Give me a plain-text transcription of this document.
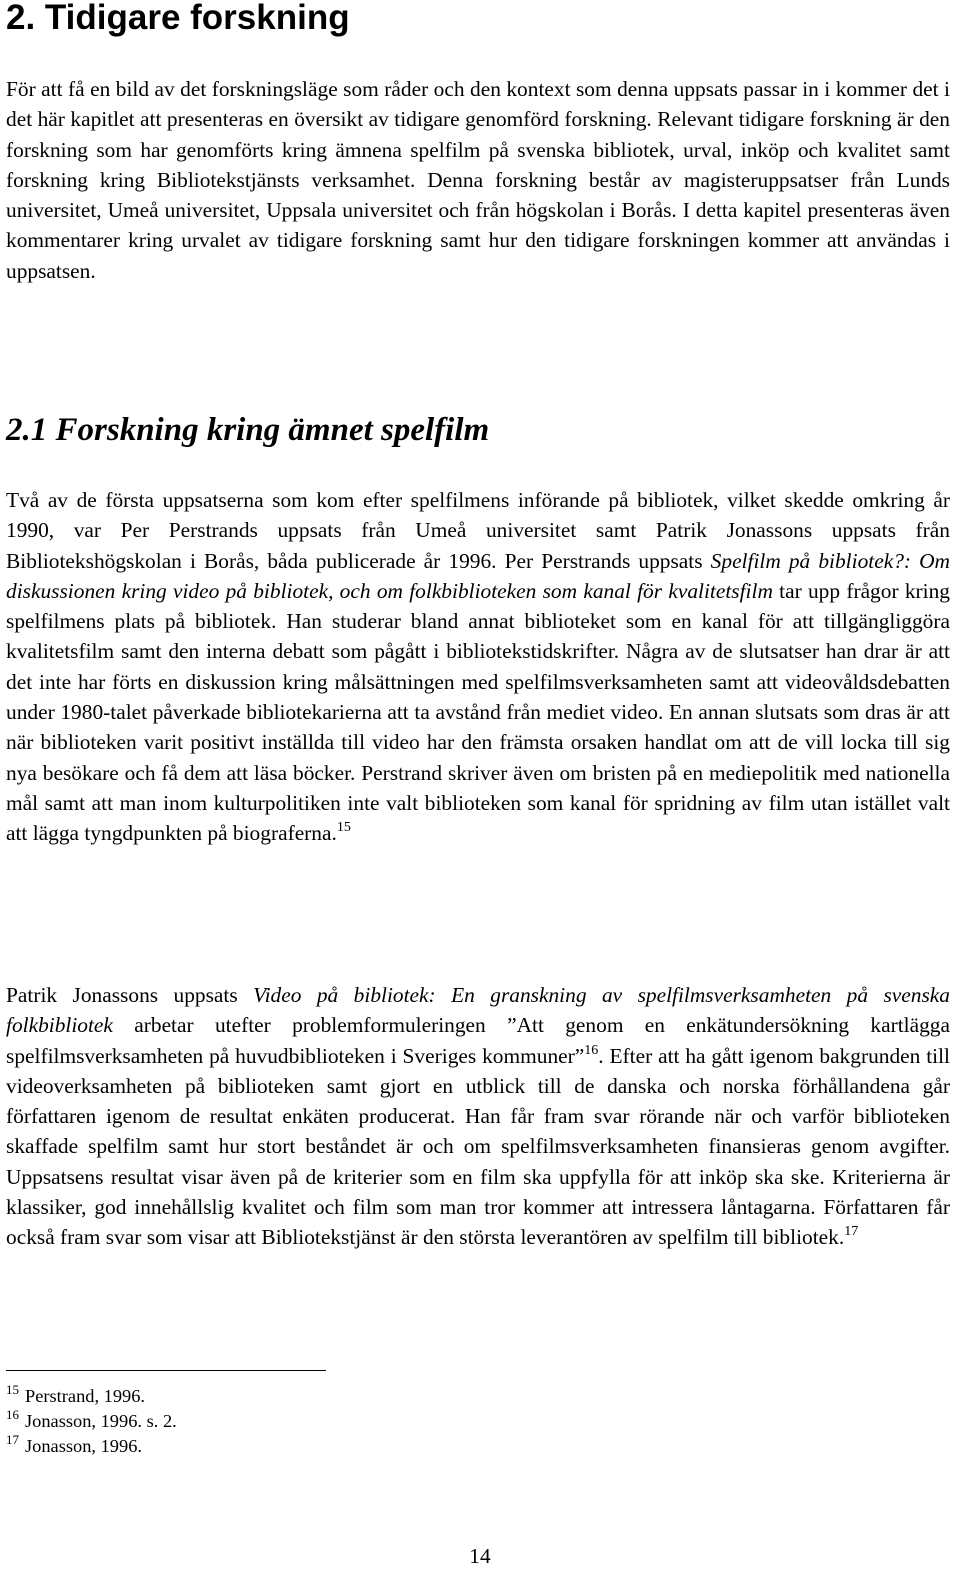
2. Tidigare forskning

För att få en bild av det forskningsläge som råder och den kontext som denna uppsats passar in i kommer det i det här kapitlet att presenteras en översikt av tidigare genomförd forskning. Relevant tidigare forskning är den forskning som har genomförts kring ämnena spelfilm på svenska bibliotek, urval, inköp och kvalitet samt forskning kring Bibliotekstjänsts verksamhet. Denna forskning består av magisteruppsatser från Lunds universitet, Umeå universitet, Uppsala universitet och från högskolan i Borås. I detta kapitel presenteras även kommentarer kring urvalet av tidigare forskning samt hur den tidigare forskningen kommer att användas i uppsatsen.

2.1 Forskning kring ämnet spelfilm

Två av de första uppsatserna som kom efter spelfilmens införande på bibliotek, vilket skedde omkring år 1990, var Per Perstrands uppsats från Umeå universitet samt Patrik Jonassons uppsats från Bibliotekshögskolan i Borås, båda publicerade år 1996. Per Perstrands uppsats Spelfilm på bibliotek?: Om diskussionen kring video på bibliotek, och om folkbiblioteken som kanal för kvalitetsfilm tar upp frågor kring spelfilmens plats på bibliotek. Han studerar bland annat biblioteket som en kanal för att tillgängliggöra kvalitetsfilm samt den interna debatt som pågått i bibliotekstidskrifter. Några av de slutsatser han drar är att det inte har förts en diskussion kring målsättningen med spelfilmsverksamheten samt att videovåldsdebatten under 1980-talet påverkade bibliotekarierna att ta avstånd från mediet video. En annan slutsats som dras är att när biblioteken varit positivt inställda till video har den främsta orsaken handlat om att de vill locka till sig nya besökare och få dem att läsa böcker. Perstrand skriver även om bristen på en mediepolitik med nationella mål samt att man inom kulturpolitiken inte valt biblioteken som kanal för spridning av film utan istället valt att lägga tyngdpunkten på biograferna.$^{15}$

Patrik Jonassons uppsats Video på bibliotek: En granskning av spelfilmsverksamheten på svenska folkbibliotek arbetar utefter problemformuleringen ”Att genom en enkätundersökning kartlägga spelfilmsverksamheten på huvudbiblioteken i Sveriges kommuner”$^{16}$. Efter att ha gått igenom bakgrunden till videoverksamheten på biblioteken samt gjort en utblick till de danska och norska förhållandena går författaren igenom de resultat enkäten producerat. Han får fram svar rörande när och varför biblioteken skaffade spelfilm samt hur stort beståndet är och om spelfilmsverksamheten finansieras genom avgifter. Uppsatsens resultat visar även på de kriterier som en film ska uppfylla för att inköp ska ske. Kriterierna är klassiker, god innehållslig kvalitet och film som man tror kommer att intressera låntagarna. Författaren får också fram svar som visar att Bibliotekstjänst är den största leverantören av spelfilm till bibliotek.$^{17}$

$^{15}$ Perstrand, 1996.
$^{16}$ Jonasson, 1996. s. 2.
$^{17}$ Jonasson, 1996.
14
